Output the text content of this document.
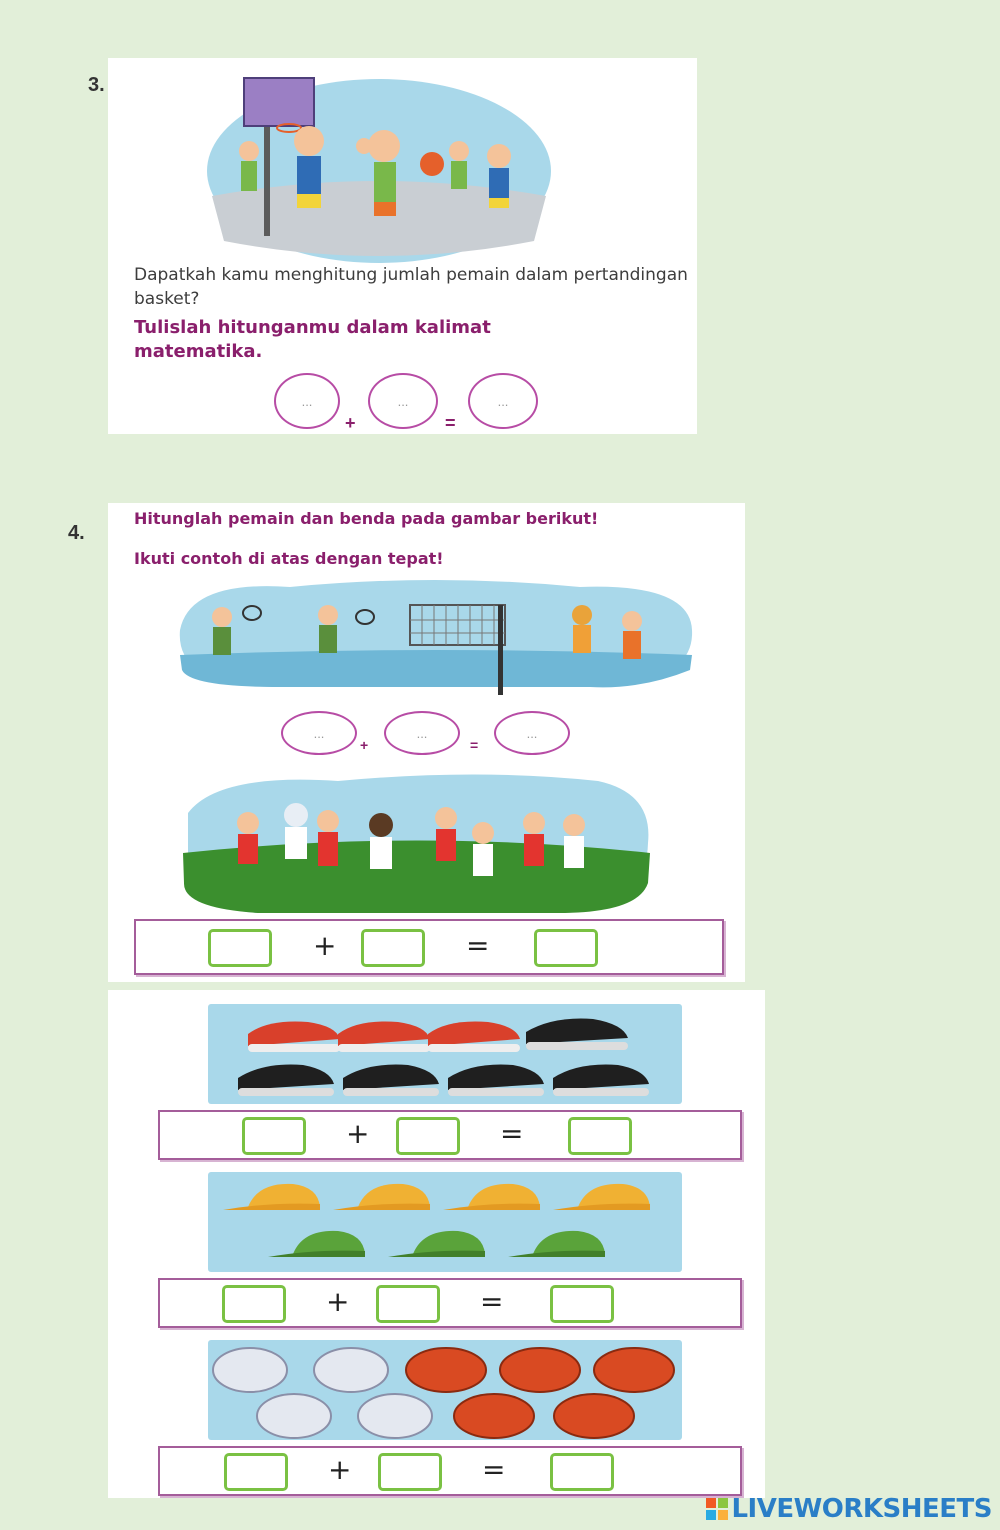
3.
Dapatkah kamu menghitung jumlah pemain dalam pertandingan basket?
Tulislah hitunganmu dalam kalimat matematika.
...
+
...
=
...
4.
Hitunglah pemain dan benda pada gambar berikut!
Ikuti contoh di atas dengan tepat!
...
+
...
=
...
+	=
+	=
+	=
+	=
LIVEWORKSHEETS
